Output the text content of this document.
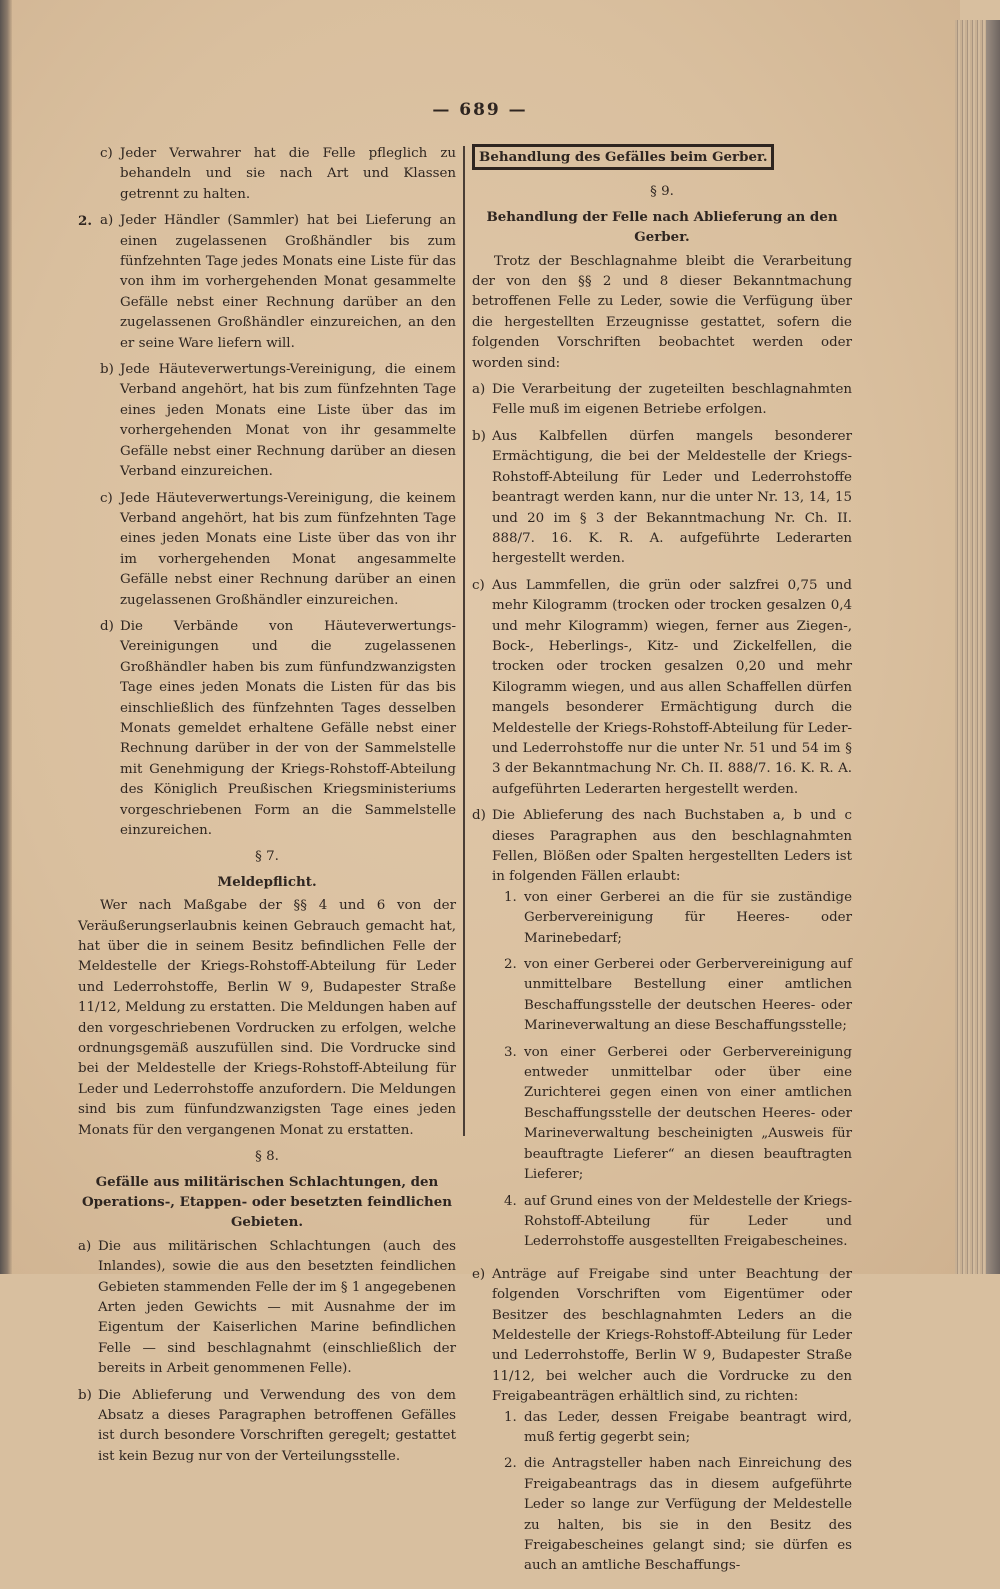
— 689 —
c) Jeder Verwahrer hat die Felle pfleglich zu behandeln und sie nach Art und Klassen getrennt zu halten.
2. a) Jeder Händler (Sammler) hat bei Lieferung an einen zugelassenen Großhändler bis zum fünfzehnten Tage jedes Monats eine Liste für das von ihm im vorhergehenden Monat gesammelte Gefälle nebst einer Rechnung darüber an den zugelassenen Großhändler einzureichen, an den er seine Ware liefern will.
b) Jede Häuteverwertungs-Vereinigung, die einem Verband angehört, hat bis zum fünfzehnten Tage eines jeden Monats eine Liste über das im vorhergehenden Monat von ihr gesammelte Gefälle nebst einer Rechnung darüber an diesen Verband einzureichen.
c) Jede Häuteverwertungs-Vereinigung, die keinem Verband angehört, hat bis zum fünfzehnten Tage eines jeden Monats eine Liste über das von ihr im vorhergehenden Monat angesammelte Gefälle nebst einer Rechnung darüber an einen zugelassenen Großhändler einzureichen.
d) Die Verbände von Häuteverwertungs-Vereinigungen und die zugelassenen Großhändler haben bis zum fünfundzwanzigsten Tage eines jeden Monats die Listen für das bis einschließlich des fünfzehnten Tages desselben Monats gemeldet erhaltene Gefälle nebst einer Rechnung darüber in der von der Sammelstelle mit Genehmigung der Kriegs-Rohstoff-Abteilung des Königlich Preußischen Kriegsministeriums vorgeschriebenen Form an die Sammelstelle einzureichen.
§ 7.
Meldepflicht.

Wer nach Maßgabe der §§ 4 und 6 von der Veräußerungserlaubnis keinen Gebrauch gemacht hat, hat über die in seinem Besitz befindlichen Felle der Meldestelle der Kriegs-Rohstoff-Abteilung für Leder und Lederrohstoffe, Berlin W 9, Budapester Straße 11/12, Meldung zu erstatten. Die Meldungen haben auf den vorgeschriebenen Vordrucken zu erfolgen, welche ordnungsgemäß auszufüllen sind. Die Vordrucke sind bei der Meldestelle der Kriegs-Rohstoff-Abteilung für Leder und Lederrohstoffe anzufordern. Die Meldungen sind bis zum fünfundzwanzigsten Tage eines jeden Monats für den vergangenen Monat zu erstatten.

§ 8.
Gefälle aus militärischen Schlachtungen, den Operations-, Etappen- oder besetzten feindlichen Gebieten.
a) Die aus militärischen Schlachtungen (auch des Inlandes), sowie die aus den besetzten feindlichen Gebieten stammenden Felle der im § 1 angegebenen Arten jeden Gewichts — mit Ausnahme der im Eigentum der Kaiserlichen Marine befindlichen Felle — sind beschlagnahmt (einschließlich der bereits in Arbeit genommenen Felle).
b) Die Ablieferung und Verwendung des von dem Absatz a dieses Paragraphen betroffenen Gefälles ist durch besondere Vorschriften geregelt; gestattet ist kein Bezug nur von der Verteilungsstelle.
Behandlung des Gefälles beim Gerber.
§ 9.
Behandlung der Felle nach Ablieferung an den Gerber.

Trotz der Beschlagnahme bleibt die Verarbeitung der von den §§ 2 und 8 dieser Bekanntmachung betroffenen Felle zu Leder, sowie die Verfügung über die hergestellten Erzeugnisse gestattet, sofern die folgenden Vorschriften beobachtet werden oder worden sind:

a) Die Verarbeitung der zugeteilten beschlagnahmten Felle muß im eigenen Betriebe erfolgen.
b) Aus Kalbfellen dürfen mangels besonderer Ermächtigung, die bei der Meldestelle der Kriegs-Rohstoff-Abteilung für Leder und Lederrohstoffe beantragt werden kann, nur die unter Nr. 13, 14, 15 und 20 im § 3 der Bekanntmachung Nr. Ch. II. 888/7. 16. K. R. A. aufgeführte Lederarten hergestellt werden.
c) Aus Lammfellen, die grün oder salzfrei 0,75 und mehr Kilogramm (trocken oder trocken gesalzen 0,4 und mehr Kilogramm) wiegen, ferner aus Ziegen-, Bock-, Heberlings-, Kitz- und Zickelfellen, die trocken oder trocken gesalzen 0,20 und mehr Kilogramm wiegen, und aus allen Schaffellen dürfen mangels besonderer Ermächtigung durch die Meldestelle der Kriegs-Rohstoff-Abteilung für Leder- und Lederrohstoffe nur die unter Nr. 51 und 54 im § 3 der Bekanntmachung Nr. Ch. II. 888/7. 16. K. R. A. aufgeführten Lederarten hergestellt werden.
d) Die Ablieferung des nach Buchstaben a, b und c dieses Paragraphen aus den beschlagnahmten Fellen, Blößen oder Spalten hergestellten Leders ist in folgenden Fällen erlaubt:
1. von einer Gerberei an die für sie zuständige Gerbervereinigung für Heeres- oder Marinebedarf;
2. von einer Gerberei oder Gerbervereinigung auf unmittelbare Bestellung einer amtlichen Beschaffungsstelle der deutschen Heeres- oder Marineverwaltung an diese Beschaffungsstelle;
3. von einer Gerberei oder Gerbervereinigung entweder unmittelbar oder über eine Zurichterei gegen einen von einer amtlichen Beschaffungsstelle der deutschen Heeres- oder Marineverwaltung bescheinigten „Ausweis für beauftragte Lieferer“ an diesen beauftragten Lieferer;
4. auf Grund eines von der Meldestelle der Kriegs-Rohstoff-Abteilung für Leder und Lederrohstoffe ausgestellten Freigabescheines.
e) Anträge auf Freigabe sind unter Beachtung der folgenden Vorschriften vom Eigentümer oder Besitzer des beschlagnahmten Leders an die Meldestelle der Kriegs-Rohstoff-Abteilung für Leder und Lederrohstoffe, Berlin W 9, Budapester Straße 11/12, bei welcher auch die Vordrucke zu den Freigabeanträgen erhältlich sind, zu richten:
1. das Leder, dessen Freigabe beantragt wird, muß fertig gegerbt sein;
2. die Antragsteller haben nach Einreichung des Freigabeantrags das in diesem aufgeführte Leder so lange zur Verfügung der Meldestelle zu halten, bis sie in den Besitz des Freigabescheines gelangt sind; sie dürfen es auch an amtliche Beschaffungs-
